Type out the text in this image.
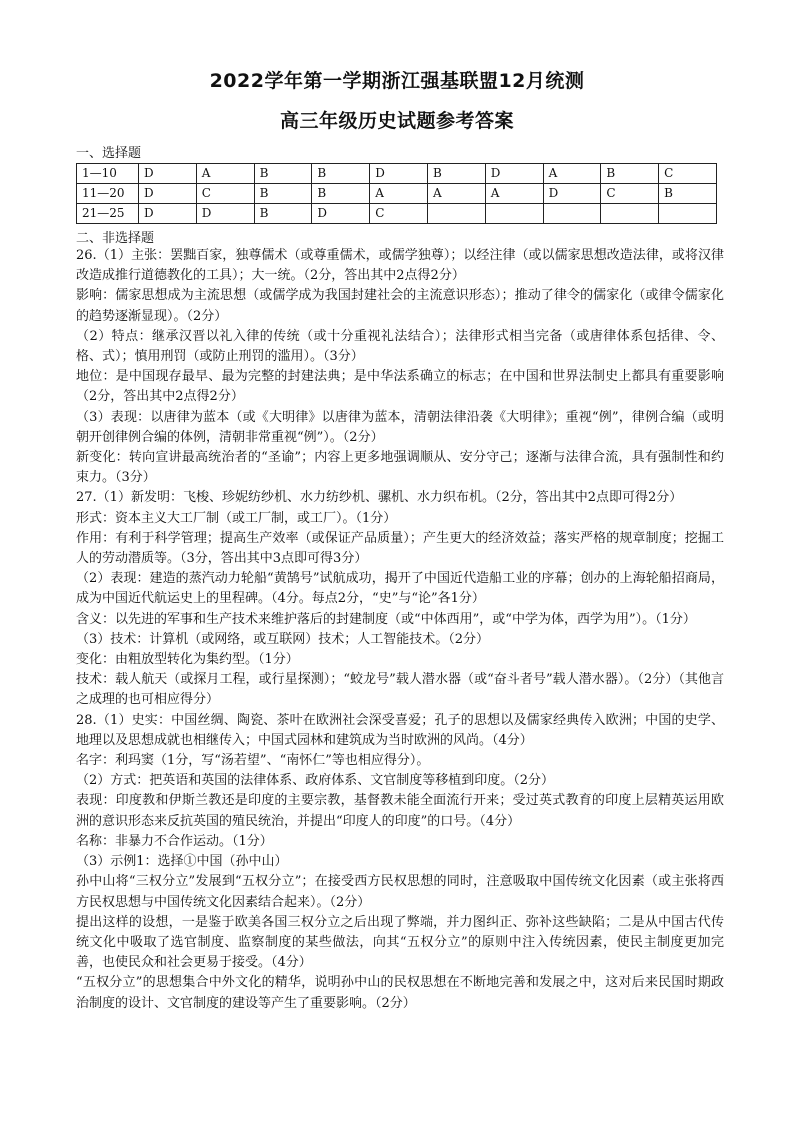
2022学年第一学期浙江强基联盟12月统测
高三年级历史试题参考答案
一、选择题
1—10	D	A	B	B	D	B	D	A	B	C
11—20	D	C	B	B	A	A	A	D	C	B
21—25	D	D	B	D	C					
二、非选择题

26.（1）主张：罢黜百家，独尊儒术（或尊重儒术，或儒学独尊）；以经注律（或以儒家思想改造法律，或将汉律改造成推行道德教化的工具）；大一统。（2分，答出其中2点得2分）

影响：儒家思想成为主流思想（或儒学成为我国封建社会的主流意识形态）；推动了律令的儒家化（或律令儒家化的趋势逐渐显现）。（2分）

（2）特点：继承汉晋以礼入律的传统（或十分重视礼法结合）；法律形式相当完备（或唐律体系包括律、令、格、式）；慎用刑罚（或防止刑罚的滥用）。（3分）

地位：是中国现存最早、最为完整的封建法典；是中华法系确立的标志；在中国和世界法制史上都具有重要影响（2分，答出其中2点得2分）

（3）表现：以唐律为蓝本（或《大明律》以唐律为蓝本，清朝法律沿袭《大明律》；重视“例”，律例合编（或明朝开创律例合编的体例，清朝非常重视“例”）。（2分）

新变化：转向宣讲最高统治者的“圣谕”；内容上更多地强调顺从、安分守己；逐渐与法律合流，具有强制性和约束力。（3分）

27.（1）新发明：飞梭、珍妮纺纱机、水力纺纱机、骡机、水力织布机。（2分，答出其中2点即可得2分）

形式：资本主义大工厂制（或工厂制，或工厂）。（1分）

作用：有利于科学管理；提高生产效率（或保证产品质量）；产生更大的经济效益；落实严格的规章制度；挖掘工人的劳动潜质等。（3分，答出其中3点即可得3分）

（2）表现：建造的蒸汽动力轮船“黄鹄号”试航成功，揭开了中国近代造船工业的序幕；创办的上海轮船招商局，成为中国近代航运史上的里程碑。（4分。每点2分，“史”与“论”各1分）

含义：以先进的军事和生产技术来维护落后的封建制度（或“中体西用”，或“中学为体，西学为用”）。（1分）

（3）技术：计算机（或网络，或互联网）技术；人工智能技术。（2分）

变化：由粗放型转化为集约型。（1分）

技术：载人航天（或探月工程，或行星探测）；“蛟龙号”载人潜水器（或“奋斗者号”载人潜水器）。（2分）（其他言之成理的也可相应得分）

28.（1）史实：中国丝绸、陶瓷、茶叶在欧洲社会深受喜爱；孔子的思想以及儒家经典传入欧洲；中国的史学、地理以及思想成就也相继传入；中国式园林和建筑成为当时欧洲的风尚。（4分）

名字：利玛窦（1分，写“汤若望”、“南怀仁”等也相应得分）。

（2）方式：把英语和英国的法律体系、政府体系、文官制度等移植到印度。（2分）

表现：印度教和伊斯兰教还是印度的主要宗教，基督教未能全面流行开来；受过英式教育的印度上层精英运用欧洲的意识形态来反抗英国的殖民统治，并提出“印度人的印度”的口号。（4分）

名称：非暴力不合作运动。（1分）

（3）示例1：选择①中国（孙中山）

孙中山将“三权分立”发展到“五权分立”；在接受西方民权思想的同时，注意吸取中国传统文化因素（或主张将西方民权思想与中国传统文化因素结合起来）。（2分）

提出这样的设想，一是鉴于欧美各国三权分立之后出现了弊端，并力图纠正、弥补这些缺陷；二是从中国古代传统文化中吸取了选官制度、监察制度的某些做法，向其“五权分立”的原则中注入传统因素，使民主制度更加完善，也使民众和社会更易于接受。（4分）

“五权分立”的思想集合中外文化的精华，说明孙中山的民权思想在不断地完善和发展之中，这对后来民国时期政治制度的设计、文官制度的建设等产生了重要影响。（2分）
